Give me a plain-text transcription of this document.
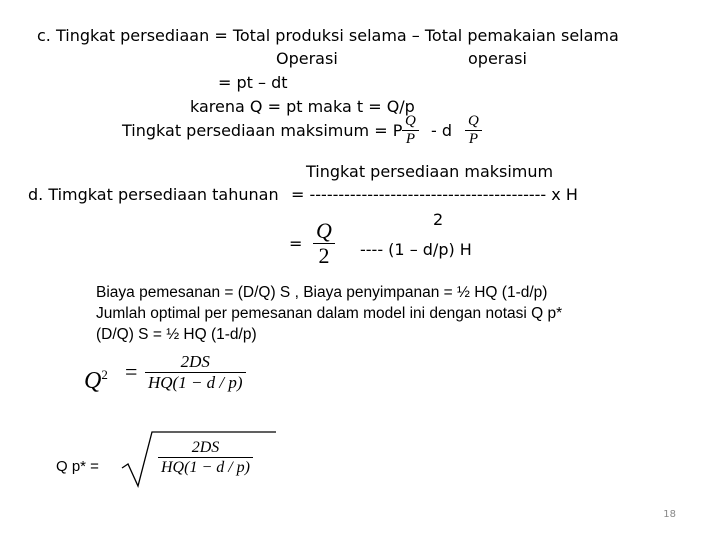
c. Tingkat persediaan = Total produksi selama – Total pemakaian selama
Operasi	operasi
= pt – dt
karena Q = pt maka t = Q/p
Tingkat persediaan maksimum = P Q
P - d Q
P
Tingkat persediaan maksimum
d. Timgkat persediaan tahunan = ----------------------------------------- x H
2
=
Q
2 ---- (1 – d/p) H
Biaya pemesanan = (D/Q) S , Biaya penyimpanan = ½ HQ (1-d/p)
Jumlah optimal per pemesanan dalam model ini dengan notasi Q p*
(D/Q) S = ½ HQ (1-d/p)
$Q^2$ =	2DS
HQ(1 − d / p)
Q p* =
2DS
HQ(1 − d / p)
18
